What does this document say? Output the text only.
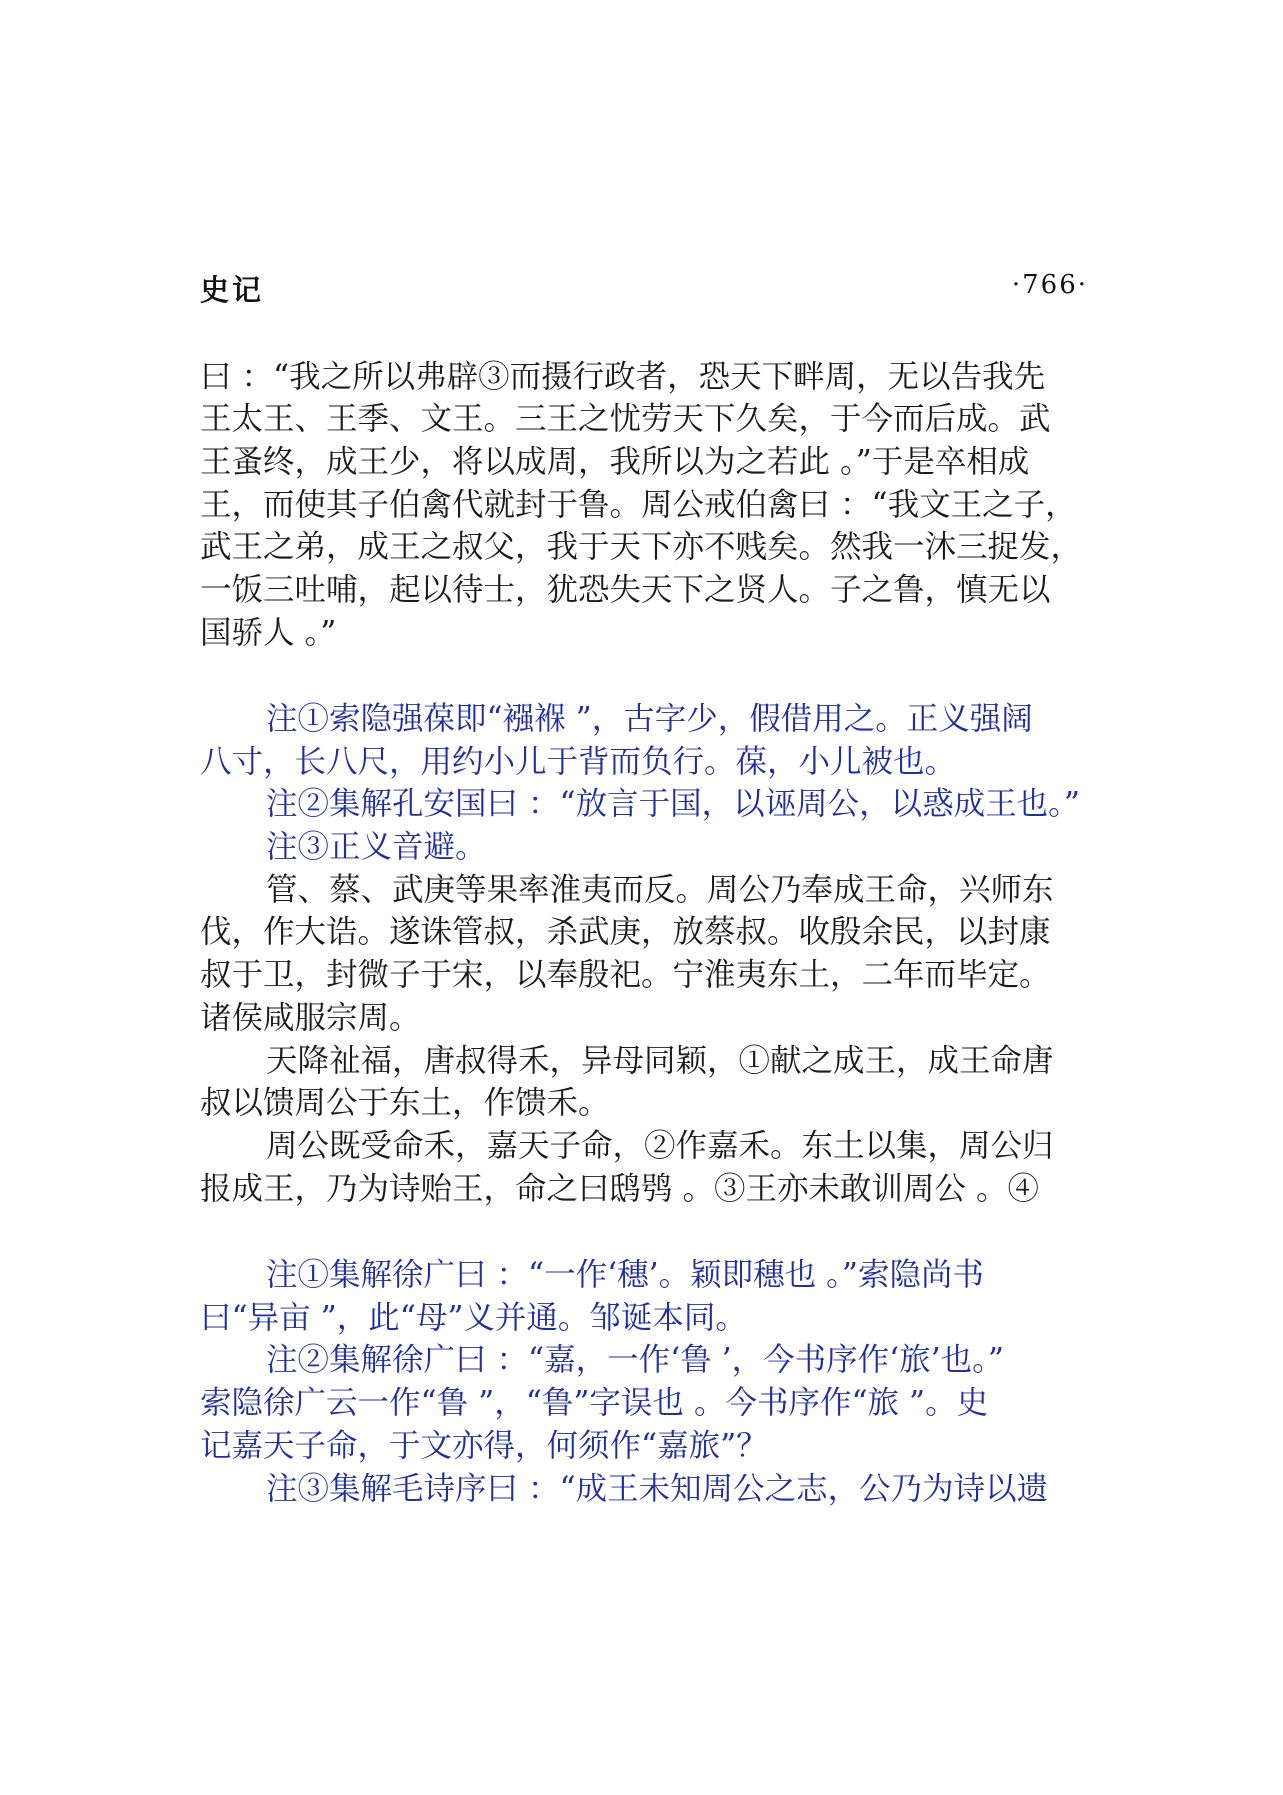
史记	·766·
曰 ：“我之所以弗辟③而摄行政者，恐天下畔周，无以告我先
王太王、王季、文王。三王之忧劳天下久矣，于今而后成。武
王蚤终，成王少，将以成周，我所以为之若此 。”于是卒相成
王，而使其子伯禽代就封于鲁。周公戒伯禽曰 ：“我文王之子，
武王之弟，成王之叔父，我于天下亦不贱矣。然我一沐三捉发，
一饭三吐哺，起以待士，犹恐失天下之贤人。子之鲁，慎无以
国骄人 。”
注①索隐强葆即“襁褓 ”，古字少，假借用之。正义强阔
八寸，长八尺，用约小儿于背而负行。葆，小儿被也。
注②集解孔安国曰 ：“放言于国，以诬周公，以惑成王也。”
注③正义音避。
管、蔡、武庚等果率淮夷而反。周公乃奉成王命，兴师东
伐，作大诰。遂诛管叔，杀武庚，放蔡叔。收殷余民，以封康
叔于卫，封微子于宋，以奉殷祀。宁淮夷东土，二年而毕定。
诸侯咸服宗周。
天降祉福，唐叔得禾，异母同颖，①献之成王，成王命唐
叔以馈周公于东土，作馈禾。
周公既受命禾，嘉天子命，②作嘉禾。东土以集，周公归
报成王，乃为诗贻王，命之曰鸱鸮 。③王亦未敢训周公 。④
注①集解徐广曰 ：“一作‘穗’。颖即穗也 。”索隐尚书
曰“异亩 ”，此“母”义并通。邹诞本同。
注②集解徐广曰 ：“嘉，一作‘鲁 ’，今书序作‘旅’也。”
索隐徐广云一作“鲁 ”，“鲁”字误也 。今书序作“旅 ”。史
记嘉天子命，于文亦得，何须作“嘉旅”？
注③集解毛诗序曰 ：“成王未知周公之志，公乃为诗以遗
